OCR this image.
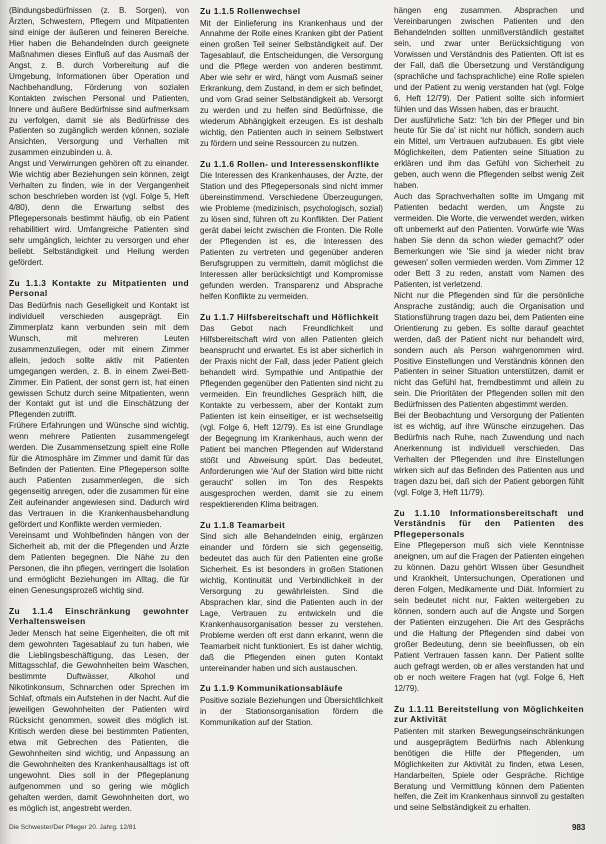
(Bindungsbedürfnissen (z. B. Sorgen), von Ärzten, Schwestern, Pflegern und Mitpatienten sind einige der äußeren und feineren Bereiche. Hier haben die Behandelnden durch geeignete Maßnahmen dieses Einfluß auf das Ausmaß der Angst, z. B. durch Vorbereitung auf die Umgebung, Informationen über Operation und Nachbehandlung, Förderung von sozialen Kontakten zwischen Personal und Patienten, Innere und äußere Bedürfnisse sind aufmerksam zu verfolgen, damit sie als Bedürfnisse des Patienten so zugänglich werden können, soziale Ansichten, Versorgung und Verhalten mit zusammen einzubinden u. ä.

Angst und Verwirrungen gehören oft zu einander. Wie wichtig aber Beziehungen sein können, zeigt Verhalten zu finden, wie in der Vergangenheit schon beschrieben worden ist (vgl. Folge 5, Heft 4/80), denn die Erwartung selbst des Pflegepersonals bestimmt häufig, ob ein Patient rehabilitiert wird. Umfangreiche Patienten sind sehr umgänglich, leichter zu versorgen und eher beliebt. Selbständigkeit und Heilung werden gefördert.

Zu 1.1.3 Kontakte zu Mitpatienten und Personal

Das Bedürfnis nach Geselligkeit und Kontakt ist individuell verschieden ausgeprägt. Ein Zimmerplatz kann verbunden sein mit dem Wunsch, mit mehreren Leuten zusammenzuliegen, oder mit einem Zimmer allein, jedoch sollte aktiv mit Patienten umgegangen werden, z. B. in einem Zwei-Bett-Zimmer. Ein Patient, der sonst gern ist, hat einen gewissen Schutz durch seine Mitpatienten, wenn der Kontakt gut ist und die Einschätzung der Pflegenden zutrifft.

Frühere Erfahrungen und Wünsche sind wichtig, wenn mehrere Patienten zusammengelegt werden. Die Zusammensetzung spielt eine Rolle für die Atmosphäre im Zimmer und damit für das Befinden der Patienten. Eine Pflegeperson sollte auch Patienten zusammenlegen, die sich gegenseitig anregen, oder die zusammen für eine Zeit aufeinander angewiesen sind. Dadurch wird das Vertrauen in die Krankenhausbehandlung gefördert und Konflikte werden vermieden.

Vereinsamt und Wohlbefinden hängen von der Sicherheit ab, mit der die Pflegenden und Ärzte dem Patienten begegnen. Die Nähe zu den Personen, die ihn pflegen, verringert die Isolation und ermöglicht Beziehungen im Alltag, die für einen Genesungsprozeß wichtig sind.

Zu 1.1.4 Einschränkung gewohnter Verhaltensweisen

Jeder Mensch hat seine Eigenheiten, die oft mit dem gewohnten Tagesablauf zu tun haben, wie die Lieblingsbeschäftigung, das Lesen, der Mittagsschlaf, die Gewohnheiten beim Waschen, bestimmte Duftwässer, Alkohol und Nikotinkonsum, Schnarchen oder Sprechen im Schlaf, oftmals ein Aufstehen in der Nacht. Auf die jeweiligen Gewohnheiten der Patienten wird Rücksicht genommen, soweit dies möglich ist. Kritisch werden diese bei bestimmten Patienten, etwa mit Gebrechen des Patienten, die Gewohnheiten sind wichtig, und Anpassung an die Gewohnheiten des Krankenhausalltags ist oft ungewohnt. Dies soll in der Pflegeplanung aufgenommen und so gering wie möglich gehalten werden, damit Gewohnheiten dort, wo es möglich ist, angestrebt werden.

Zu 1.1.5 Rollenwechsel

Mit der Einlieferung ins Krankenhaus und der Annahme der Rolle eines Kranken gibt der Patient einen großen Teil seiner Selbständigkeit auf. Der Tagesablauf, die Entscheidungen, die Versorgung und die Pflege werden von anderen bestimmt. Aber wie sehr er wird, hängt vom Ausmaß seiner Erkrankung, dem Zustand, in dem er sich befindet, und vom Grad seiner Selbständigkeit ab. Versorgt zu werden und zu helfen sind Bedürfnisse, die wiederum Abhängigkeit erzeugen. Es ist deshalb wichtig, den Patienten auch in seinem Selbstwert zu fördern und seine Ressourcen zu nutzen.

Zu 1.1.6 Rollen- und Interessenskonflikte

Die Interessen des Krankenhauses, der Ärzte, der Station und des Pflegepersonals sind nicht immer übereinstimmend. Verschiedene Überzeugungen, wie Probleme (medizinisch, psychologisch, sozial) zu lösen sind, führen oft zu Konflikten. Der Patient gerät dabei leicht zwischen die Fronten. Die Rolle der Pflegenden ist es, die Interessen des Patienten zu vertreten und gegenüber anderen Berufsgruppen zu vermitteln, damit möglichst die Interessen aller berücksichtigt und Kompromisse gefunden werden. Transparenz und Absprache helfen Konflikte zu vermeiden.

Zu 1.1.7 Hilfsbereitschaft und Höflichkeit

Das Gebot nach Freundlichkeit und Hilfsbereitschaft wird von allen Patienten gleich beansprucht und erwartet. Es ist aber sicherlich in der Praxis nicht der Fall, dass jeder Patient gleich behandelt wird. Sympathie und Antipathie der Pflegenden gegenüber den Patienten sind nicht zu vermeiden. Ein freundliches Gespräch hilft, die Kontakte zu verbessern, aber der Kontakt zum Patienten ist kein einseitiger, er ist wechselseitig (vgl. Folge 6, Heft 12/79). Es ist eine Grundlage der Begegnung im Krankenhaus, auch wenn der Patient bei manchen Pflegenden auf Widerstand stößt und Abweisung spürt. Das bedeutet, Anforderungen wie 'Auf der Station wird bitte nicht geraucht' sollen im Ton des Respekts ausgesprochen werden, damit sie zu einem respektierenden Klima beitragen.

Zu 1.1.8 Teamarbeit

Sind sich alle Behandelnden einig, ergänzen einander und fördern sie sich gegenseitig, bedeutet das auch für den Patienten eine große Sicherheit. Es ist besonders in großen Stationen wichtig, Kontinuität und Verbindlichkeit in der Versorgung zu gewährleisten. Sind die Absprachen klar, sind die Patienten auch in der Lage, Vertrauen zu entwickeln und die Krankenhausorganisation besser zu verstehen. Probleme werden oft erst dann erkannt, wenn die Teamarbeit nicht funktioniert. Es ist daher wichtig, daß die Pflegenden einen guten Kontakt untereinander haben und sich austauschen.

Zu 1.1.9 Kommunikationsabläufe

Positive soziale Beziehungen und Übersichtlichkeit in der Stationsorganisation fördern die Kommunikation auf der Station.

hängen eng zusammen. Absprachen und Vereinbarungen zwischen Patienten und den Behandelnden sollten unmißverständlich gestaltet sein, und zwar unter Berücksichtigung von Vorwissen und Verständnis des Patienten. Oft ist es der Fall, daß die Übersetzung und Verständigung (sprachliche und fachsprachliche) eine Rolle spielen und der Patient zu wenig verstanden hat (vgl. Folge 6, Heft 12/79). Der Patient sollte sich informiert fühlen und das Wissen haben, das er braucht.

Der ausführliche Satz: 'Ich bin der Pfleger und bin heute für Sie da' ist nicht nur höflich, sondern auch ein Mittel, um Vertrauen aufzubauen. Es gibt viele Möglichkeiten, dem Patienten seine Situation zu erklären und ihm das Gefühl von Sicherheit zu geben, auch wenn die Pflegenden selbst wenig Zeit haben.

Auch das Sprachverhalten sollte im Umgang mit Patienten bedacht werden, um Ängste zu vermeiden. Die Worte, die verwendet werden, wirken oft unbemerkt auf den Patienten. Vorwürfe wie 'Was haben Sie denn da schon wieder gemacht?' oder Bemerkungen wie 'Sie sind ja wieder nicht brav gewesen' sollen vermieden werden. Vom Zimmer 12 oder Bett 3 zu reden, anstatt vom Namen des Patienten, ist verletzend.

Nicht nur die Pflegenden sind für die persönliche Ansprache zuständig; auch die Organisation und Stationsführung tragen dazu bei, dem Patienten eine Orientierung zu geben. Es sollte darauf geachtet werden, daß der Patient nicht nur behandelt wird, sondern auch als Person wahrgenommen wird. Positive Einstellungen und Verständnis können den Patienten in seiner Situation unterstützen, damit er nicht das Gefühl hat, fremdbestimmt und allein zu sein. Die Prioritäten der Pflegenden sollen mit den Bedürfnissen des Patienten abgestimmt werden.

Bei der Beobachtung und Versorgung der Patienten ist es wichtig, auf ihre Wünsche einzugehen. Das Bedürfnis nach Ruhe, nach Zuwendung und nach Anerkennung ist individuell verschieden. Das Verhalten der Pflegenden und ihre Einstellungen wirken sich auf das Befinden des Patienten aus und tragen dazu bei, daß sich der Patient geborgen fühlt (vgl. Folge 3, Heft 11/79).

Zu 1.1.10 Informationsbereitschaft und Verständnis für den Patienten des Pflegepersonals

Eine Pflegeperson muß sich viele Kenntnisse aneignen, um auf die Fragen der Patienten eingehen zu können. Dazu gehört Wissen über Gesundheit und Krankheit, Untersuchungen, Operationen und deren Folgen, Medikamente und Diät. Informiert zu sein bedeutet nicht nur, Fakten weitergeben zu können, sondern auch auf die Ängste und Sorgen der Patienten einzugehen. Die Art des Gesprächs und die Haltung der Pflegenden sind dabei von großer Bedeutung, denn sie beeinflussen, ob ein Patient Vertrauen fassen kann. Der Patient sollte auch gefragt werden, ob er alles verstanden hat und ob er noch weitere Fragen hat (vgl. Folge 6, Heft 12/79).

Zu 1.1.11 Bereitstellung von Möglichkeiten zur Aktivität

Patienten mit starken Bewegungseinschränkungen und ausgeprägtem Bedürfnis nach Ablenkung benötigen die Hilfe der Pflegenden, um Möglichkeiten zur Aktivität zu finden, etwa Lesen, Handarbeiten, Spiele oder Gespräche. Richtige Beratung und Vermittlung können dem Patienten helfen, die Zeit im Krankenhaus sinnvoll zu gestalten und seine Selbständigkeit zu erhalten.

Die Schwester/Der Pfleger 20. Jahrg. 12/81	983
